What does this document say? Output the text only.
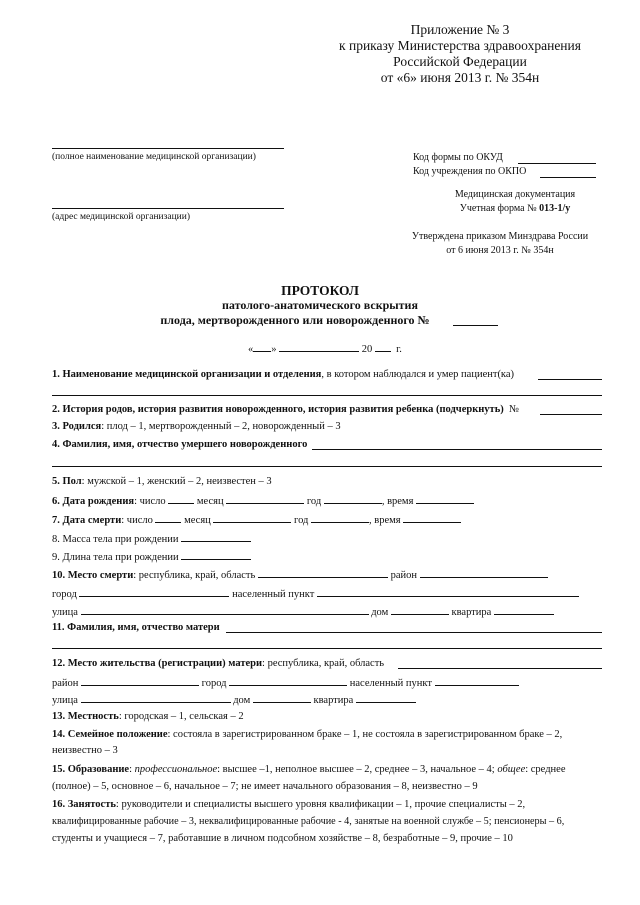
Приложение № 3
к приказу Министерства здравоохранения
Российской Федерации
от «6» июня 2013 г. № 354н
(полное наименование медицинской организации)
(адрес медицинской организации)
Код формы по ОКУД
Код учреждения по ОКПО
Медицинская документация
Учетная форма № 013-1/у
Утверждена приказом Минздрава России
от 6 июня 2013 г. № 354н
ПРОТОКОЛ
патолого-анатомического вскрытия
плода, мертворожденного или новорожденного №
« »	20 г.
1. Наименование медицинской организации и отделения, в котором наблюдался и умер пациент(ка)
2. История родов, история развития новорожденного, история развития ребенка (подчеркнуть) №
3. Родился: плод – 1, мертворожденный – 2, новорожденный – 3
4. Фамилия, имя, отчество умершего новорожденного
5. Пол: мужской – 1, женский – 2, неизвестен – 3
6. Дата рождения: число	месяц	год	, время
7. Дата смерти: число	месяц	год	, время
8. Масса тела при рождении
9. Длина тела при рождении
10. Место смерти: республика, край, область	район
город	населенный пункт
улица	дом	квартира
11. Фамилия, имя, отчество матери
12. Место жительства (регистрации) матери: республика, край, область
район	город	населенный пункт
улица	дом	квартира
13. Местность: городская – 1, сельская – 2
14. Семейное положение: состояла в зарегистрированном браке – 1, не состояла в зарегистрированном браке – 2,
неизвестно – 3
15. Образование: профессиональное: высшее –1, неполное высшее – 2, среднее – 3, начальное – 4; общее: среднее
(полное) – 5, основное – 6, начальное – 7; не имеет начального образования – 8, неизвестно – 9
16. Занятость: руководители и специалисты высшего уровня квалификации – 1, прочие специалисты – 2,
квалифицированные рабочие – 3, неквалифицированные рабочие - 4, занятые на военной службе – 5; пенсионеры – 6,
студенты и учащиеся – 7, работавшие в личном подсобном хозяйстве – 8, безработные – 9, прочие – 10
